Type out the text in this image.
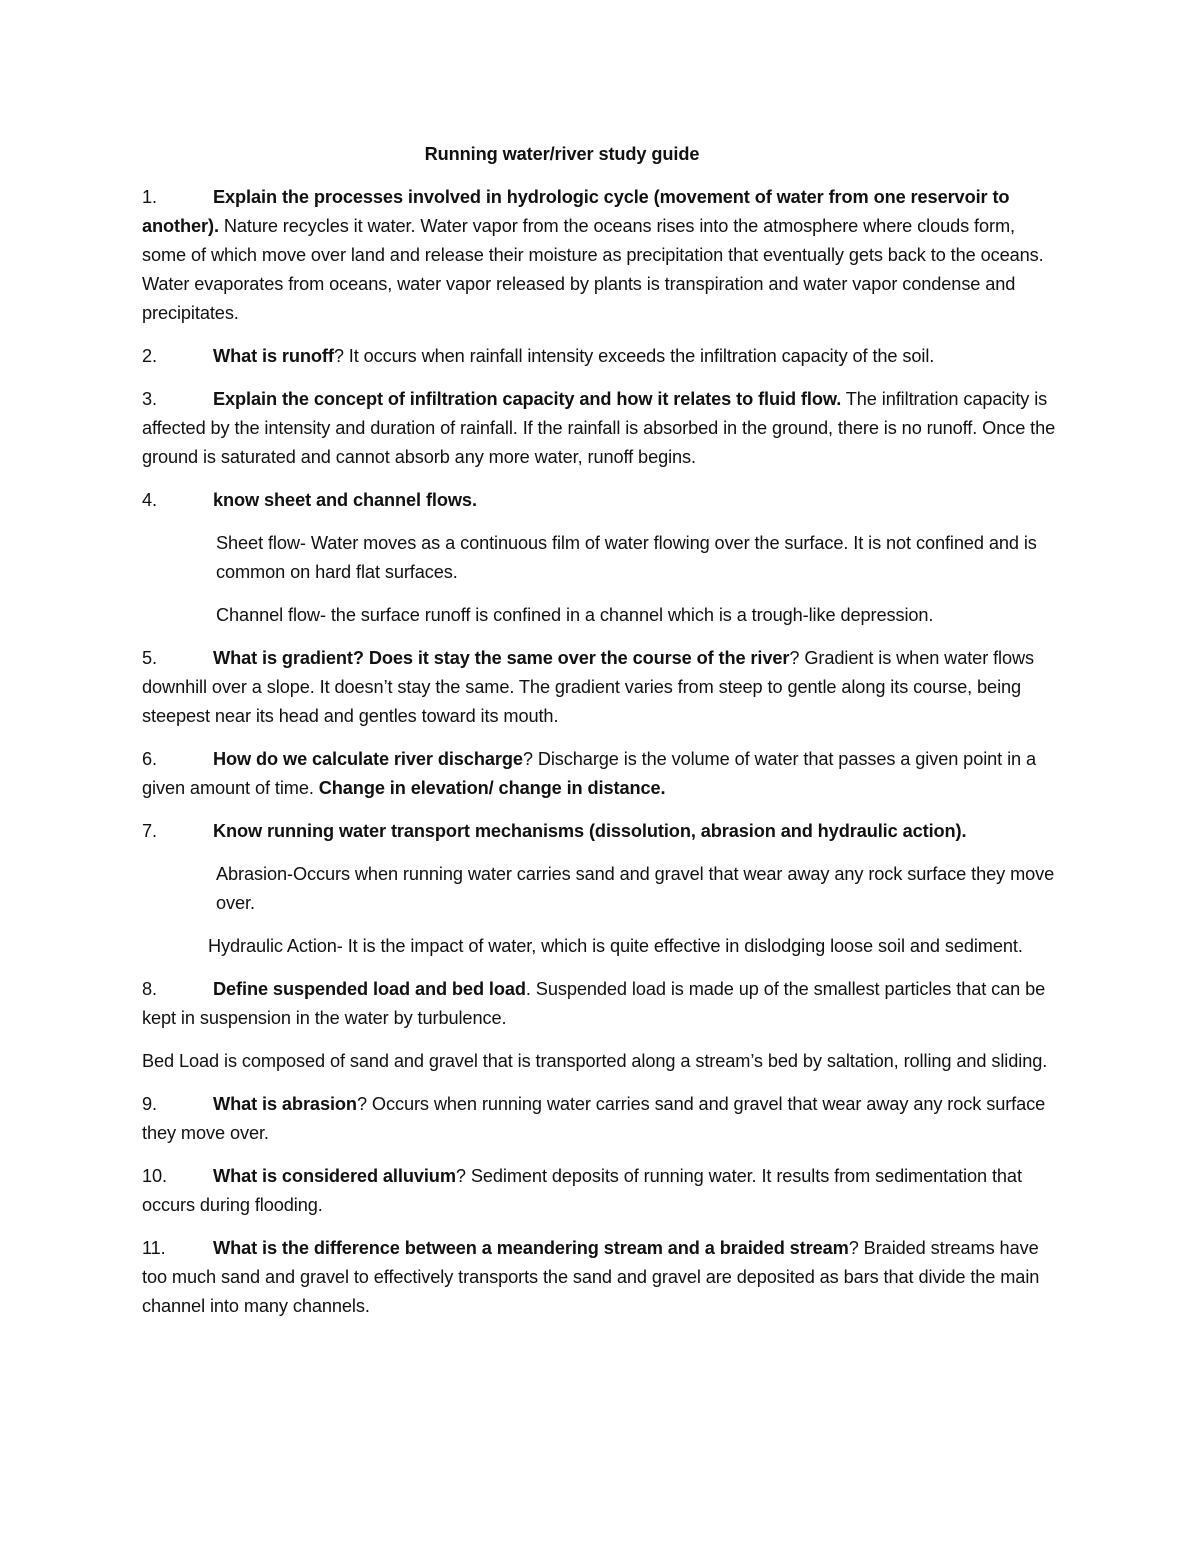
Running water/river study guide

1.	Explain the processes involved in hydrologic cycle (movement of water from one reservoir to another). Nature recycles it water. Water vapor from the oceans rises into the atmosphere where clouds form, some of which move over land and release their moisture as precipitation that eventually gets back to the oceans. Water evaporates from oceans, water vapor released by plants is transpiration and water vapor condense and precipitates.

2.	What is runoff? It occurs when rainfall intensity exceeds the infiltration capacity of the soil.

3.	Explain the concept of infiltration capacity and how it relates to fluid flow. The infiltration capacity is affected by the intensity and duration of rainfall. If the rainfall is absorbed in the ground, there is no runoff. Once the ground is saturated and cannot absorb any more water, runoff begins.

4.	know sheet and channel flows.

Sheet flow- Water moves as a continuous film of water flowing over the surface. It is not confined and is common on hard flat surfaces.

Channel flow- the surface runoff is confined in a channel which is a trough-like depression.

5.	What is gradient? Does it stay the same over the course of the river? Gradient is when water flows downhill over a slope. It doesn’t stay the same. The gradient varies from steep to gentle along its course, being steepest near its head and gentles toward its mouth.

6.	How do we calculate river discharge? Discharge is the volume of water that passes a given point in a given amount of time. Change in elevation/ change in distance.

7.	Know running water transport mechanisms (dissolution, abrasion and hydraulic action).

Abrasion-Occurs when running water carries sand and gravel that wear away any rock surface they move over.

Hydraulic Action- It is the impact of water, which is quite effective in dislodging loose soil and sediment.

8.	Define suspended load and bed load. Suspended load is made up of the smallest particles that can be kept in suspension in the water by turbulence.

Bed Load is composed of sand and gravel that is transported along a stream’s bed by saltation, rolling and sliding.

9.	What is abrasion? Occurs when running water carries sand and gravel that wear away any rock surface they move over.

10.	What is considered alluvium? Sediment deposits of running water. It results from sedimentation that occurs during flooding.

11.	What is the difference between a meandering stream and a braided stream? Braided streams have too much sand and gravel to effectively transports the sand and gravel are deposited as bars that divide the main channel into many channels.
